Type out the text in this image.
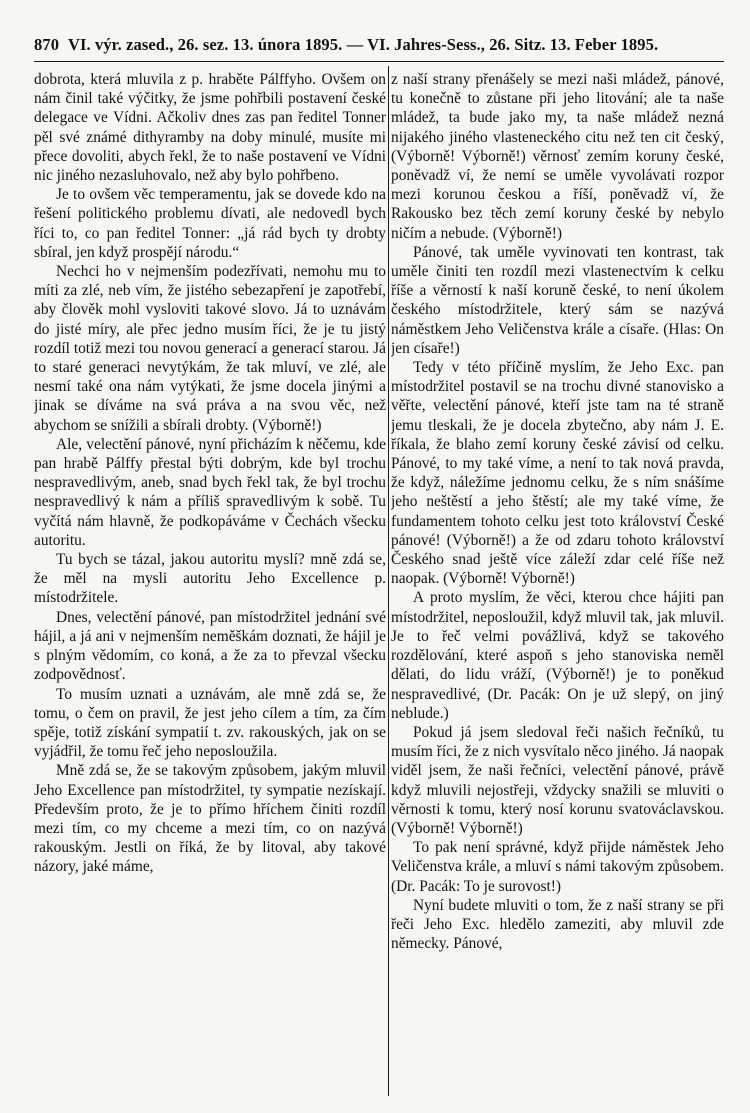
870 VI. výr. zased., 26. sez. 13. února 1895. — VI. Jahres-Sess., 26. Sitz. 13. Feber 1895.

dobrota, která mluvila z p. hraběte Pálffyho. Ovšem on nám činil také výčitky, že jsme pohřbili postavení české delegace ve Vídni. Ačkoliv dnes zas pan ředitel Tonner pěl své známé dithyramby na doby minulé, musíte mi přece dovoliti, abych řekl, že to naše postavení ve Vídni nic jiného nezasluhovalo, než aby bylo pohřbeno.

Je to ovšem věc temperamentu, jak se dovede kdo na řešení politického problemu dívati, ale nedovedl bych říci to, co pan ředitel Tonner: „já rád bych ty drobty sbíral, jen když prospějí národu.“

Nechci ho v nejmenším podezřívati, nemohu mu to míti za zlé, neb vím, že jistého sebezapření je zapotřebí, aby člověk mohl vysloviti takové slovo. Já to uznávám do jisté míry, ale přec jedno musím říci, že je tu jistý rozdíl totiž mezi tou novou generací a generací starou. Já to staré generaci nevytýkám, že tak mluví, ve zlé, ale nesmí také ona nám vytýkati, že jsme docela jinými a jinak se díváme na svá práva a na svou věc, než abychom se snížili a sbírali drobty. (Výborně!)

Ale, velectění pánové, nyní přicházím k něčemu, kde pan hrabě Pálffy přestal býti dobrým, kde byl trochu nespravedlivým, aneb, snad bych řekl tak, že byl trochu nespravedlivý k nám a příliš spravedlivým k sobě. Tu vyčítá nám hlavně, že podkopáváme v Čechách všecku autoritu.

Tu bych se tázal, jakou autoritu myslí? mně zdá se, že měl na mysli autoritu Jeho Excellence p. místodržitele.

Dnes, velectění pánové, pan místodržitel jednání své hájil, a já ani v nejmenším neměškám doznati, že hájil je s plným vědomím, co koná, a že za to převzal všecku zodpovědnosť.

To musím uznati a uznávám, ale mně zdá se, že tomu, o čem on pravil, že jest jeho cílem a tím, za čím spěje, totiž získání sympatií t. zv. rakouských, jak on se vyjádřil, že tomu řeč jeho neposloužila.

Mně zdá se, že se takovým způsobem, jakým mluvil Jeho Excellence pan místodržitel, ty sympatie nezískají. Především proto, že je to přímo hříchem činiti rozdíl mezi tím, co my chceme a mezi tím, co on nazývá rakouským. Jestli on říká, že by litoval, aby takové názory, jaké máme,

z naší strany přenášely se mezi naši mládež, pánové, tu konečně to zůstane při jeho litování; ale ta naše mládež, ta bude jako my, ta naše mládež nezná nijakého jiného vlasteneckého citu než ten cit český, (Výborně! Výborně!) věrnosť zemím koruny české, poněvadž ví, že nemí se uměle vyvolávati rozpor mezi korunou českou a říší, poněvadž ví, že Rakousko bez těch zemí koruny české by nebylo ničím a nebude. (Výborně!)

Pánové, tak uměle vyvinovati ten kontrast, tak uměle činiti ten rozdíl mezi vlastenectvím k celku říše a věrností k naší koruně české, to není úkolem českého místodržitele, který sám se nazývá náměstkem Jeho Veličenstva krále a císaře. (Hlas: On jen císaře!)

Tedy v této příčině myslím, že Jeho Exc. pan místodržitel postavil se na trochu divné stanovisko a věřte, velectění pánové, kteří jste tam na té straně jemu tleskali, že je docela zbytečno, aby nám J. E. říkala, že blaho zemí koruny české závisí od celku. Pánové, to my také víme, a není to tak nová pravda, že když, náležíme jednomu celku, že s ním snášíme jeho neštěstí a jeho štěstí; ale my také víme, že fundamentem tohoto celku jest toto království České pánové! (Výborně!) a že od zdaru tohoto království Českého snad ještě více záleží zdar celé říše než naopak. (Výborně! Výborně!)

A proto myslím, že věci, kterou chce hájiti pan místodržitel, neposloužil, když mluvil tak, jak mluvil. Je to řeč velmi povážlivá, když se takového rozdělování, které aspoň s jeho stanoviska neměl dělati, do lidu vráží, (Výborně!) je to poněkud nespravedlivé, (Dr. Pacák: On je už slepý, on jiný neblude.)

Pokud já jsem sledoval řeči našich řečníků, tu musím říci, že z nich vysvítalo něco jiného. Já naopak viděl jsem, že naši řečníci, velectění pánové, právě když mluvili nejostřeji, vždycky snažili se mluviti o věrnosti k tomu, který nosí korunu svatováclavskou. (Výborně! Výborně!)

To pak není správné, když přijde náměstek Jeho Veličenstva krále, a mluví s námi takovým způsobem. (Dr. Pacák: To je surovost!)

Nyní budete mluviti o tom, že z naší strany se při řeči Jeho Exc. hledělo zameziti, aby mluvil zde německy. Pánové,
